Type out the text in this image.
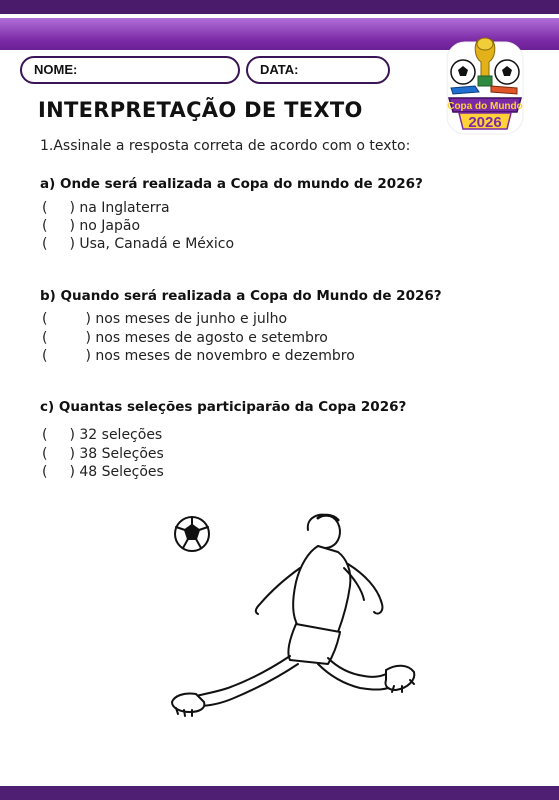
NOME:	DATA:
Copa do Mundo
2026
INTERPRETAÇÃO DE TEXTO
1.Assinale a resposta correta de acordo com o texto:
a) Onde será realizada a Copa do mundo de 2026?
( ) na Inglaterra
( ) no Japão
( ) Usa, Canadá e México
b) Quando será realizada a Copa do Mundo de 2026?
(	) nos meses de junho e julho
(	) nos meses de agosto e setembro
(	) nos meses de novembro e dezembro
c) Quantas seleções participarão da Copa 2026?
( ) 32 seleções
( ) 38 Seleções
( ) 48 Seleções
